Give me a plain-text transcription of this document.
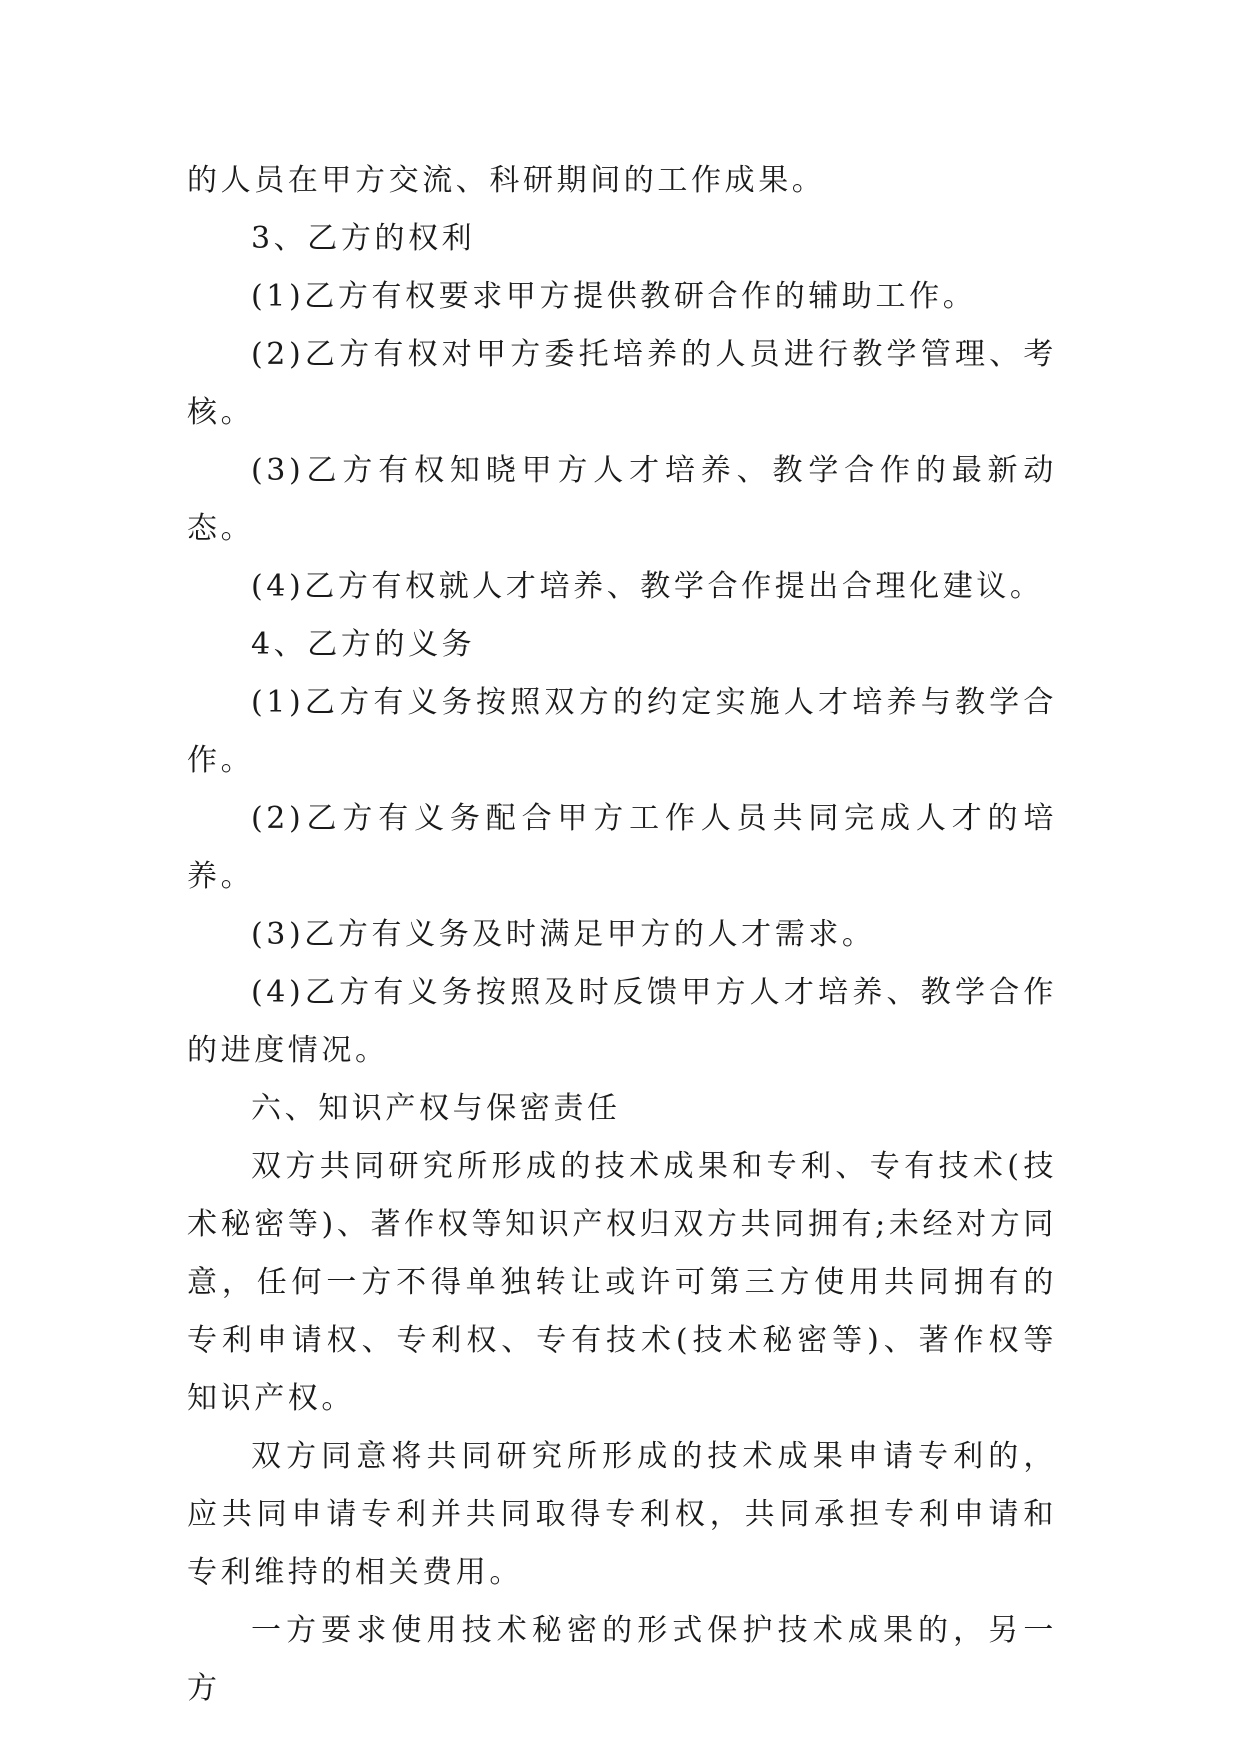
的人员在甲方交流、科研期间的工作成果。

3、乙方的权利

(1)乙方有权要求甲方提供教研合作的辅助工作。

(2)乙方有权对甲方委托培养的人员进行教学管理、考核。

(3)乙方有权知晓甲方人才培养、教学合作的最新动态。

(4)乙方有权就人才培养、教学合作提出合理化建议。

4、乙方的义务

(1)乙方有义务按照双方的约定实施人才培养与教学合作。

(2)乙方有义务配合甲方工作人员共同完成人才的培养。

(3)乙方有义务及时满足甲方的人才需求。

(4)乙方有义务按照及时反馈甲方人才培养、教学合作的进度情况。

六、知识产权与保密责任

双方共同研究所形成的技术成果和专利、专有技术(技术秘密等)、著作权等知识产权归双方共同拥有;未经对方同意，任何一方不得单独转让或许可第三方使用共同拥有的专利申请权、专利权、专有技术(技术秘密等)、著作权等知识产权。

双方同意将共同研究所形成的技术成果申请专利的，应共同申请专利并共同取得专利权，共同承担专利申请和专利维持的相关费用。

一方要求使用技术秘密的形式保护技术成果的，另一方
